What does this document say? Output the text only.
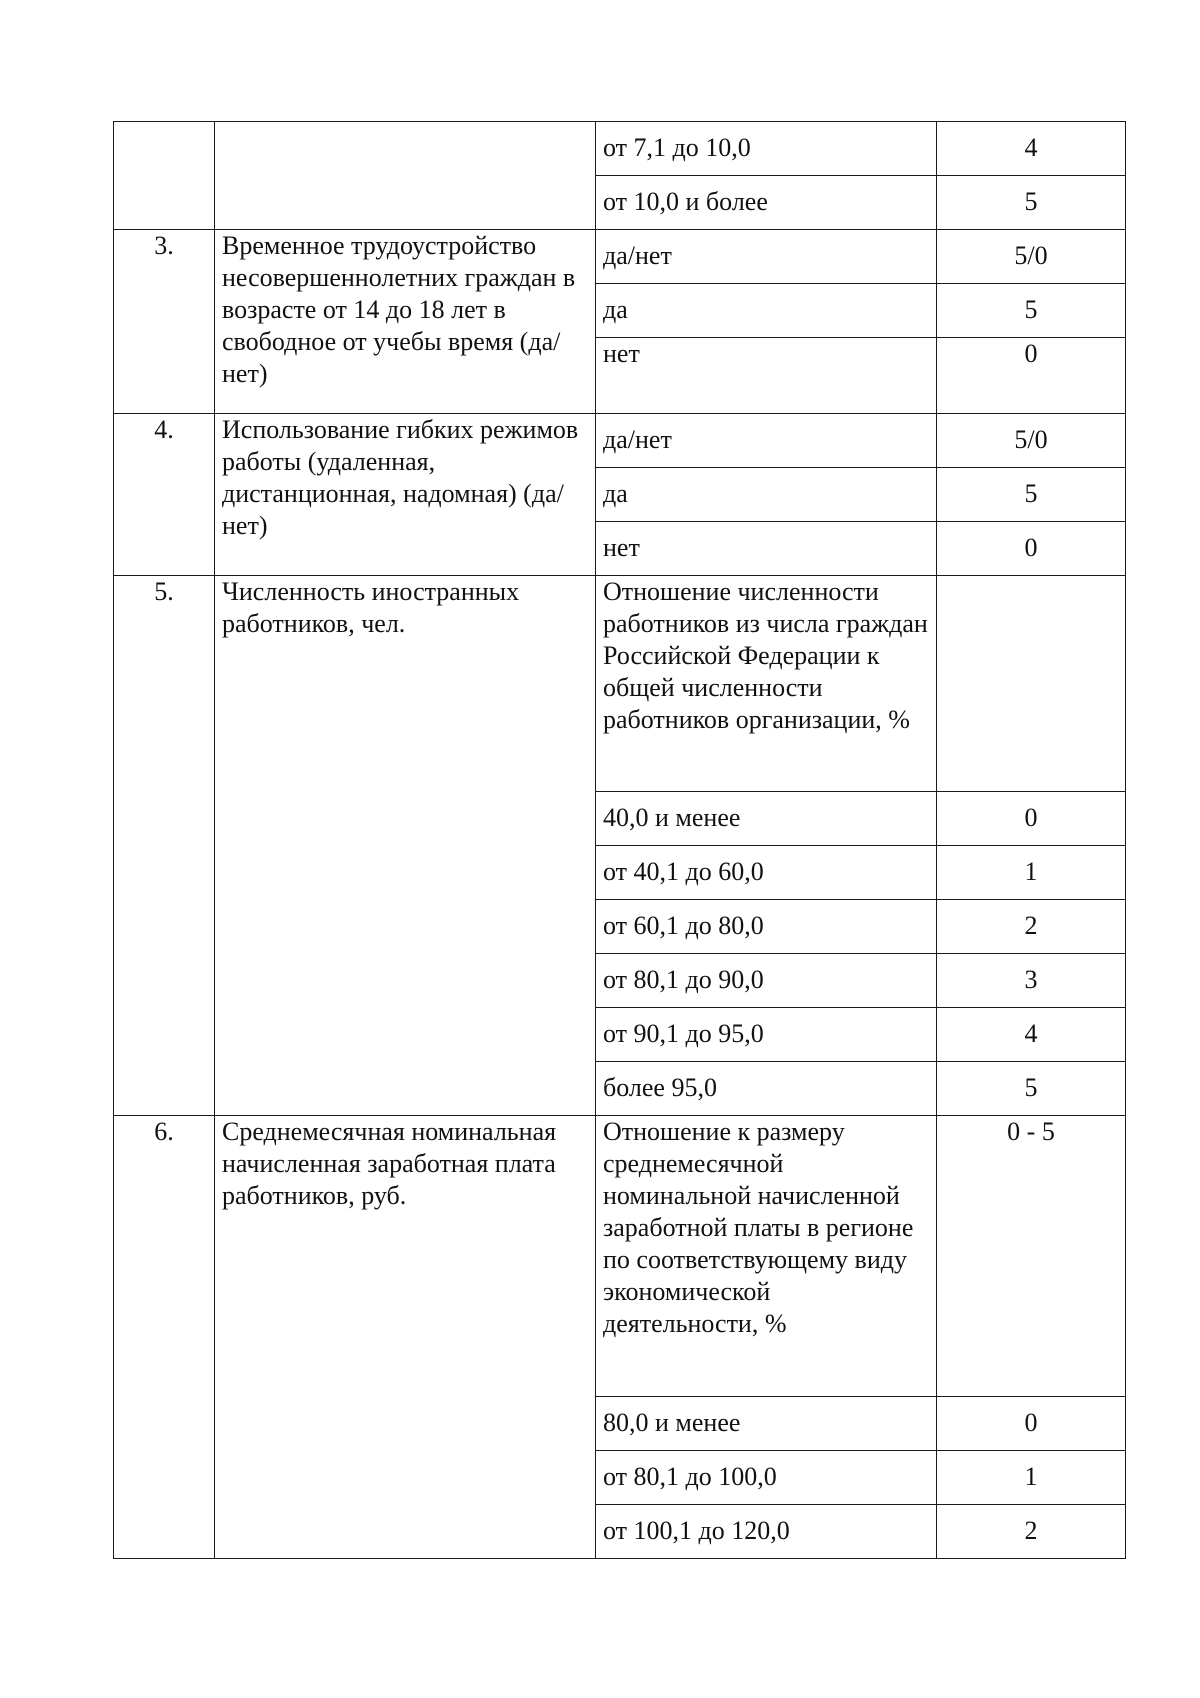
		от 7,1 до 10,0	4
		от 10,0 и более	5
3.	Временное трудоустройство несовершеннолетних граждан в возрасте от 14 до 18 лет в свободное от учебы время (да/нет)	да/нет	5/0
		да	5
		нет	0
4.	Использование гибких режимов работы (удаленная, дистанционная, надомная) (да/нет)	да/нет	5/0
		да	5
		нет	0
5.	Численность иностранных работников, чел.	Отношение численности работников из числа граждан Российской Федерации к общей численности работников организации, %	
		40,0 и менее	0
		от 40,1 до 60,0	1
		от 60,1 до 80,0	2
		от 80,1 до 90,0	3
		от 90,1 до 95,0	4
		более 95,0	5
6.	Среднемесячная номинальная начисленная заработная плата работников, руб.	Отношение к размеру среднемесячной номинальной начисленной заработной платы в регионе по соответствующему виду экономической деятельности, %	0 - 5
		80,0 и менее	0
		от 80,1 до 100,0	1
		от 100,1 до 120,0	2
